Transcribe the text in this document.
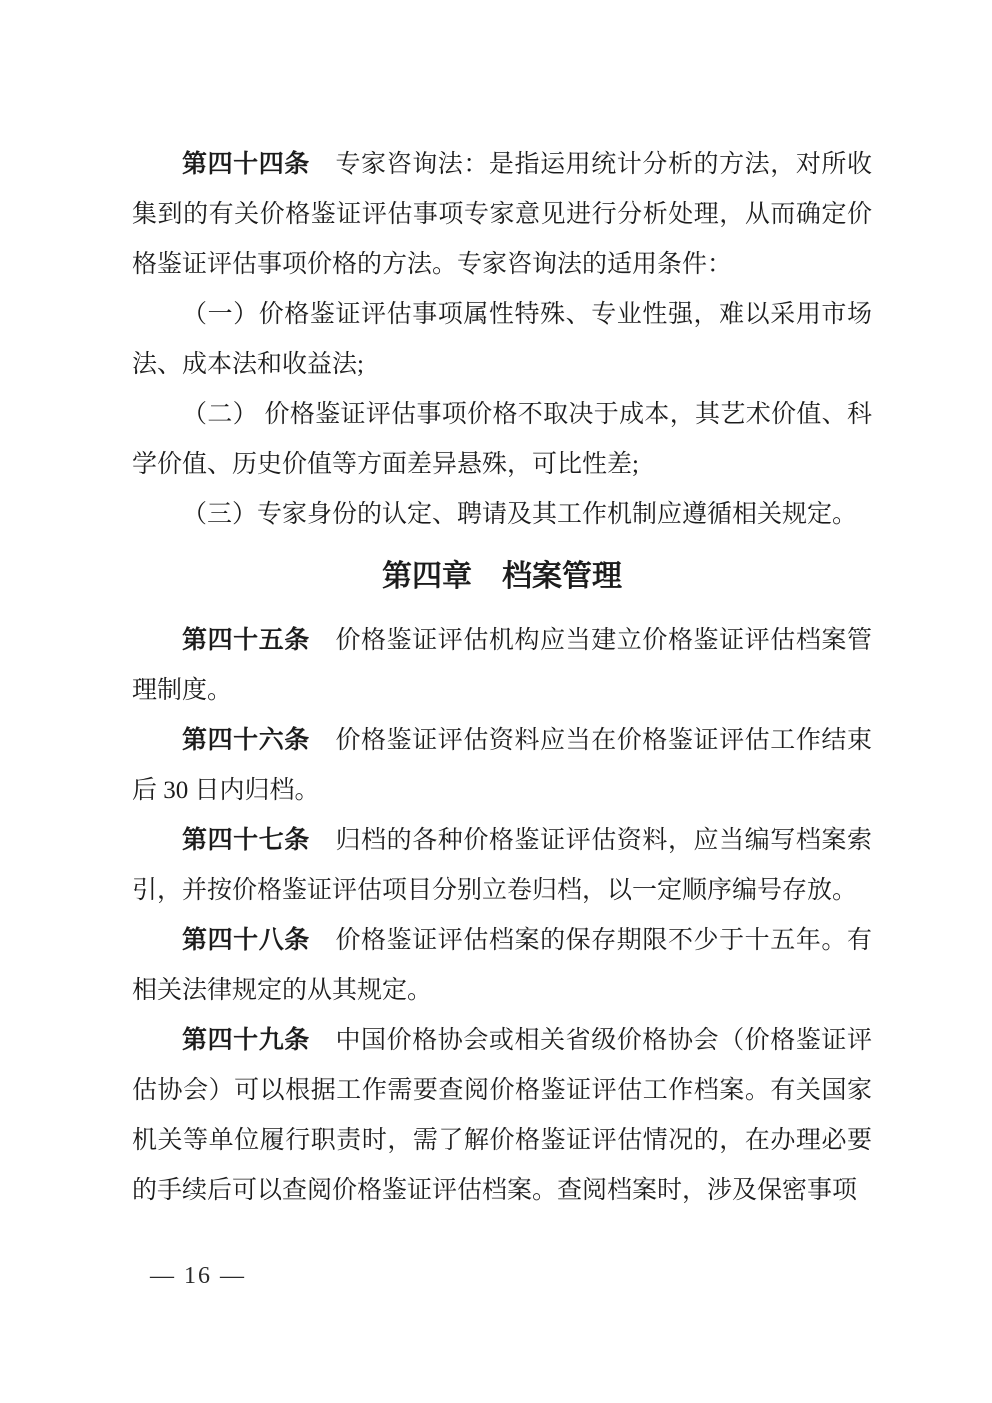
第四十四条　专家咨询法：是指运用统计分析的方法，对所收集到的有关价格鉴证评估事项专家意见进行分析处理，从而确定价格鉴证评估事项价格的方法。专家咨询法的适用条件：

（一）价格鉴证评估事项属性特殊、专业性强，难以采用市场法、成本法和收益法;

（二） 价格鉴证评估事项价格不取决于成本，其艺术价值、科学价值、历史价值等方面差异悬殊，可比性差;

（三）专家身份的认定、聘请及其工作机制应遵循相关规定。

第四章　档案管理

第四十五条　价格鉴证评估机构应当建立价格鉴证评估档案管理制度。

第四十六条　价格鉴证评估资料应当在价格鉴证评估工作结束后 30 日内归档。

第四十七条　归档的各种价格鉴证评估资料，应当编写档案索引，并按价格鉴证评估项目分别立卷归档，以一定顺序编号存放。

第四十八条　价格鉴证评估档案的保存期限不少于十五年。有相关法律规定的从其规定。

第四十九条　中国价格协会或相关省级价格协会（价格鉴证评估协会）可以根据工作需要查阅价格鉴证评估工作档案。有关国家机关等单位履行职责时，需了解价格鉴证评估情况的，在办理必要的手续后可以查阅价格鉴证评估档案。查阅档案时，涉及保密事项

— 16 —
